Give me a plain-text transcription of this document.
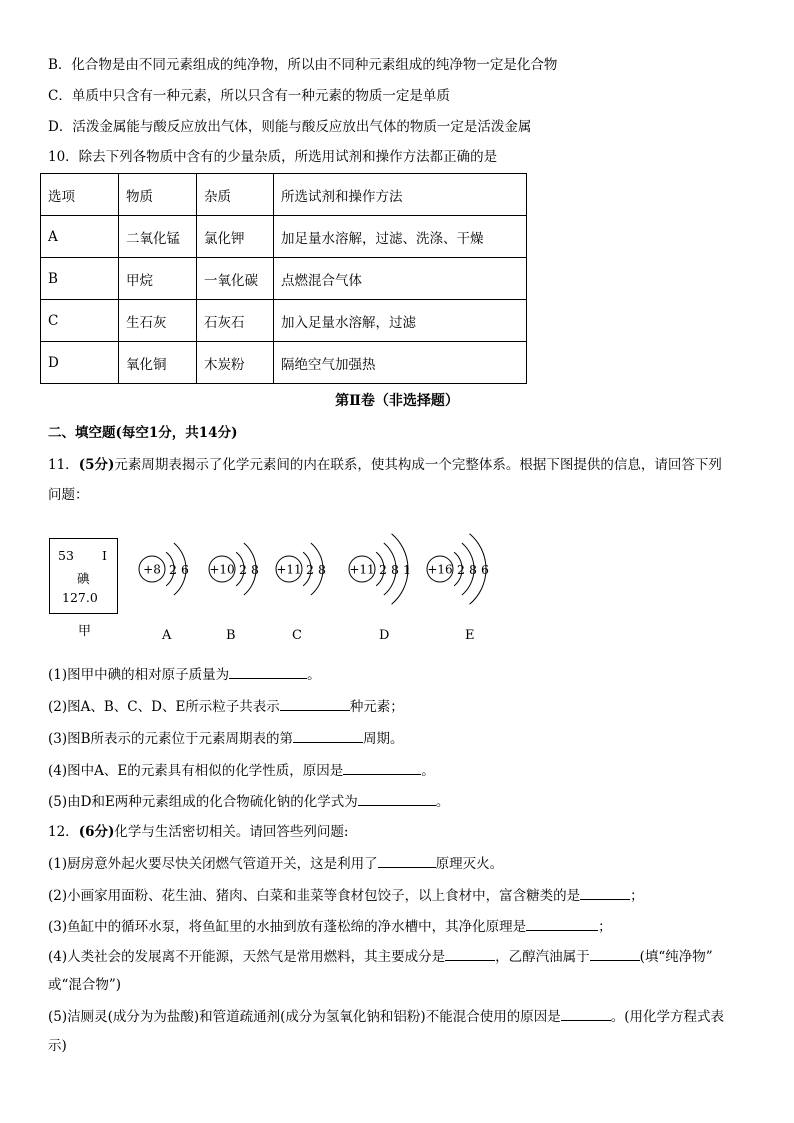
B．化合物是由不同元素组成的纯净物，所以由不同种元素组成的纯净物一定是化合物
C．单质中只含有一种元素，所以只含有一种元素的物质一定是单质
D．活泼金属能与酸反应放出气体，则能与酸反应放出气体的物质一定是活泼金属
10．除去下列各物质中含有的少量杂质，所选用试剂和操作方法都正确的是
选项	物质	杂质	所选试剂和操作方法
A	二氧化锰	氯化钾	加足量水溶解，过滤、洗涤、干燥
B	甲烷	一氧化碳	点燃混合气体
C	生石灰	石灰石	加入足量水溶解，过滤
D	氧化铜	木炭粉	隔绝空气加强热
第Ⅱ卷（非选择题）
二、填空题(每空1分，共14分)
11．(5分)元素周期表揭示了化学元素间的内在联系，使其构成一个完整体系。根据下图提供的信息，请回答下列
问题：
53 I
碘
127.0
甲
+8 2 6 +10 2 8 +11 2 8 +11 2 8 1 +16 2 8 6
A	B	C	D	E
(1)图甲中碘的相对原子质量为	。
(2)图A、B、C、D、E所示粒子共表示	种元素；
(3)图B所表示的元素位于元素周期表的第	周期。
(4)图中A、E的元素具有相似的化学性质，原因是	。
(5)由D和E两种元素组成的化合物硫化钠的化学式为	。
12．(6分)化学与生活密切相关。请回答些列问题:
(1)厨房意外起火要尽快关闭燃气管道开关，这是利用了	原理灭火。
(2)小画家用面粉、花生油、猪肉、白菜和韭菜等食材包饺子，以上食材中，富含糖类的是	；
(3)鱼缸中的循环水泵，将鱼缸里的水抽到放有蓬松绵的净水槽中，其净化原理是	；
(4)人类社会的发展离不开能源，天然气是常用燃料，其主要成分是	，乙醇汽油属于	(填“纯净物”
或“混合物”)
(5)洁厕灵(成分为为盐酸)和管道疏通剂(成分为氢氧化钠和铝粉)不能混合使用的原因是	。(用化学方程式表
示)
